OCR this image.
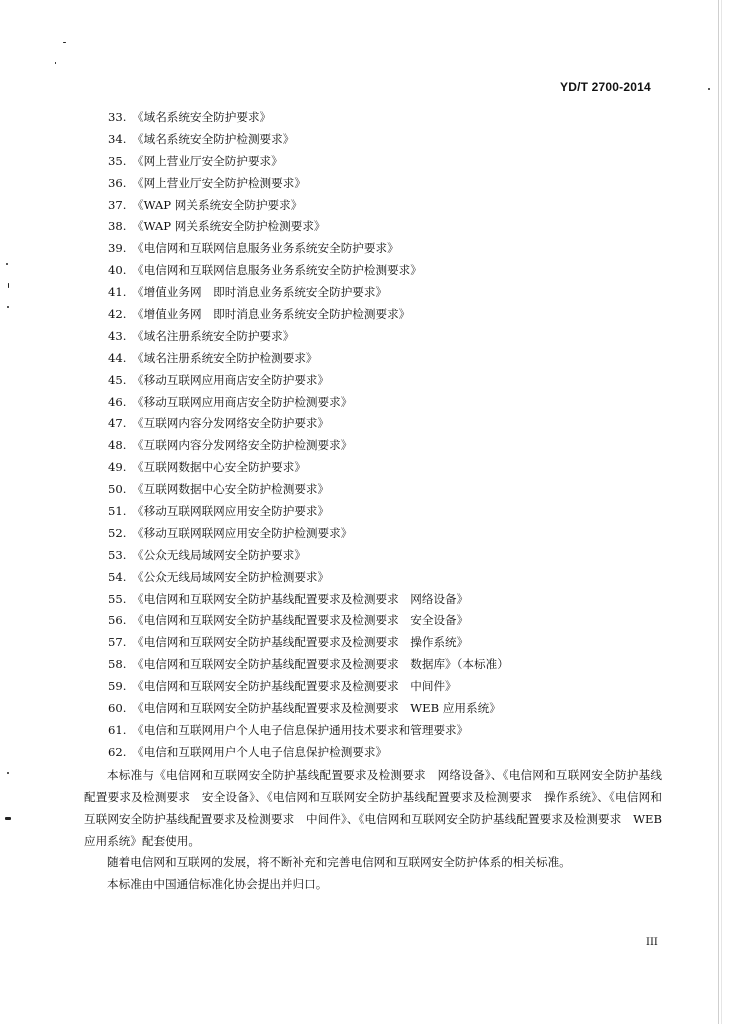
YD/T 2700-2014
33. 《域名系统安全防护要求》
34. 《域名系统安全防护检测要求》
35. 《网上营业厅安全防护要求》
36. 《网上营业厅安全防护检测要求》
37. 《WAP 网关系统安全防护要求》
38. 《WAP 网关系统安全防护检测要求》
39. 《电信网和互联网信息服务业务系统安全防护要求》
40. 《电信网和互联网信息服务业务系统安全防护检测要求》
41. 《增值业务网　即时消息业务系统安全防护要求》
42. 《增值业务网　即时消息业务系统安全防护检测要求》
43. 《域名注册系统安全防护要求》
44. 《域名注册系统安全防护检测要求》
45. 《移动互联网应用商店安全防护要求》
46. 《移动互联网应用商店安全防护检测要求》
47. 《互联网内容分发网络安全防护要求》
48. 《互联网内容分发网络安全防护检测要求》
49. 《互联网数据中心安全防护要求》
50. 《互联网数据中心安全防护检测要求》
51. 《移动互联网联网应用安全防护要求》
52. 《移动互联网联网应用安全防护检测要求》
53. 《公众无线局域网安全防护要求》
54. 《公众无线局域网安全防护检测要求》
55. 《电信网和互联网安全防护基线配置要求及检测要求　网络设备》
56. 《电信网和互联网安全防护基线配置要求及检测要求　安全设备》
57. 《电信网和互联网安全防护基线配置要求及检测要求　操作系统》
58. 《电信网和互联网安全防护基线配置要求及检测要求　数据库》（本标准）
59. 《电信网和互联网安全防护基线配置要求及检测要求　中间件》
60. 《电信网和互联网安全防护基线配置要求及检测要求　WEB 应用系统》
61. 《电信和互联网用户个人电子信息保护通用技术要求和管理要求》
62. 《电信和互联网用户个人电子信息保护检测要求》

本标准与《电信网和互联网安全防护基线配置要求及检测要求　网络设备》、《电信网和互联网安全防护基线配置要求及检测要求　安全设备》、《电信网和互联网安全防护基线配置要求及检测要求　操作系统》、《电信网和互联网安全防护基线配置要求及检测要求　中间件》、《电信网和互联网安全防护基线配置要求及检测要求　WEB应用系统》配套使用。

随着电信网和互联网的发展，将不断补充和完善电信网和互联网安全防护体系的相关标准。

本标准由中国通信标准化协会提出并归口。

III
